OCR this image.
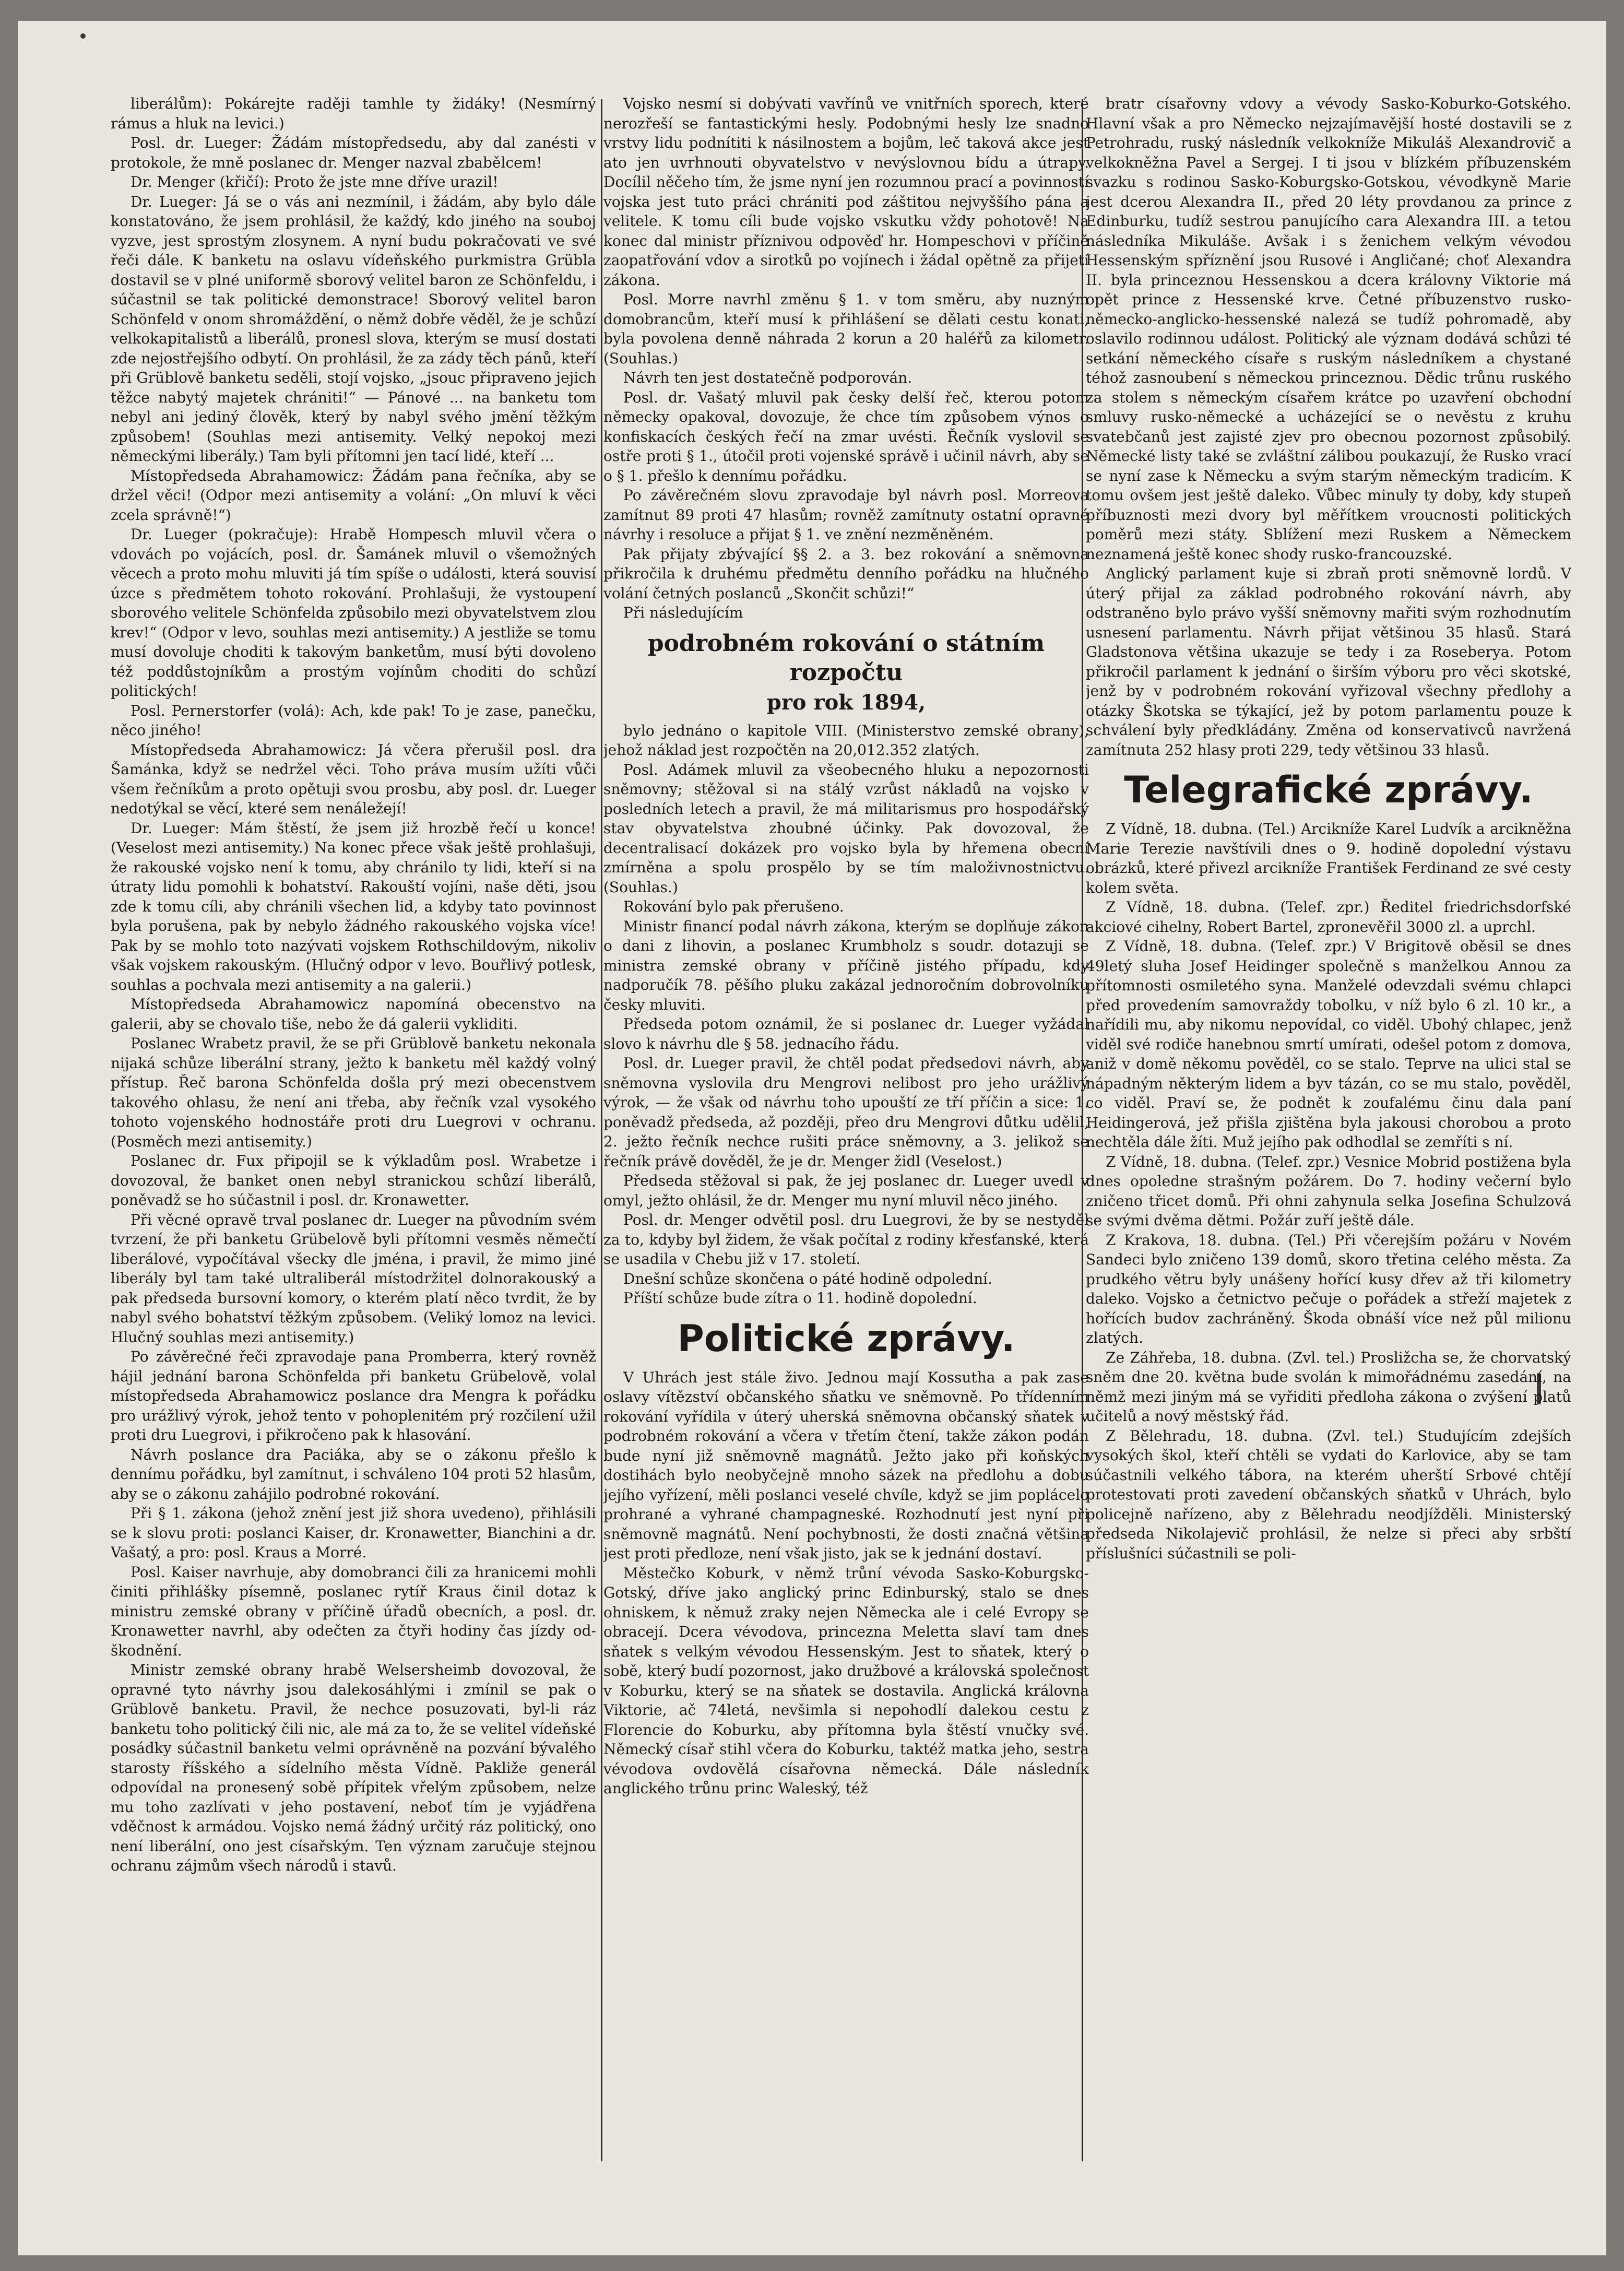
liberálům): Pokárejte raději tamhle ty židáky! (Nesmírný rámus a hluk na levici.)

Posl. dr. Lueger: Žádám místopředsedu, aby dal zanésti v protokole, že mně poslanec dr. Menger nazval zbabělcem!

Dr. Menger (křičí): Proto že jste mne dříve urazil!

Dr. Lueger: Já se o vás ani nezmínil, i žádám, aby bylo dále konstatováno, že jsem prohlásil, že každý, kdo jiného na souboj vyzve, jest sprostým zlosynem. A nyní budu pokračovati ve své řeči dále. K banketu na oslavu vídeňského purkmistra Grübla dostavil se v plné uniformě sborový velitel baron ze Schönfeldu, i súčastnil se tak politické demonstrace! Sborový velitel baron Schönfeld v onom shromáždění, o němž dobře věděl, že je schůzí velkokapitalistů a liberálů, pronesl slova, kterým se musí dostati zde nejostřejšího odbytí. On prohlásil, že za zády těch pánů, kteří při Grüblově banketu seděli, stojí vojsko, „jsouc připraveno jejich těžce nabytý majetek chrániti!“ — Pánové ... na banketu tom nebyl ani jediný člověk, který by nabyl svého jmění těžkým způsobem! (Souhlas mezi antisemity. Velký nepokoj mezi německými liberály.) Tam byli přítomni jen tací lidé, kteří ...

Místopředseda Abrahamowicz: Žádám pana řečníka, aby se držel věci! (Odpor mezi antisemity a volání: „On mluví k věci zcela správně!“)

Dr. Lueger (pokračuje): Hrabě Hompesch mluvil včera o vdovách po vojácích, posl. dr. Šamánek mluvil o všemožných věcech a proto mohu mluviti já tím spíše o události, která souvisí úzce s předmětem tohoto rokování. Prohlašuji, že vystoupení sborového velitele Schönfelda způsobilo mezi obyvatelstvem zlou krev!“ (Odpor v levo, souhlas mezi antisemity.) A jestliže se tomu musí dovoluje choditi k takovým banketům, musí býti dovoleno též poddůstojníkům a prostým vojínům choditi do schůzí politických!

Posl. Pernerstorfer (volá): Ach, kde pak! To je zase, panečku, něco jiného!

Místopředseda Abrahamowicz: Já včera přerušil posl. dra Šamánka, když se nedržel věci. Toho práva musím užíti vůči všem řečníkům a proto opětuji svou prosbu, aby posl. dr. Lueger nedotýkal se věcí, které sem nenáležejí!

Dr. Lueger: Mám štěstí, že jsem již hrozbě řečí u konce! (Veselost mezi antisemity.) Na konec přece však ještě prohlašuji, že rakouské vojsko není k tomu, aby chránilo ty lidi, kteří si na útraty lidu pomohli k bohatství. Rakouští vojíni, naše děti, jsou zde k tomu cíli, aby chránili všechen lid, a kdyby tato povinnost byla porušena, pak by nebylo žádného rakouského vojska více! Pak by se mohlo toto nazývati vojskem Rothschildovým, nikoliv však vojskem rakouským. (Hlučný odpor v levo. Bouřlivý potlesk, souhlas a pochvala mezi antisemity a na galerii.)

Místopředseda Abrahamowicz napomíná obecenstvo na galerii, aby se chovalo tiše, nebo že dá galerii vykliditi.

Poslanec Wrabetz pravil, že se při Grüblově banketu nekonala nijaká schůze liberální strany, ježto k banketu měl každý volný přístup. Řeč barona Schönfelda došla prý mezi obecenstvem takového ohlasu, že není ani třeba, aby řečník vzal vysokého tohoto vojenského hodnostáře proti dru Luegrovi v ochranu. (Posměch mezi antisemity.)

Poslanec dr. Fux připojil se k výkladům posl. Wrabetze i dovozoval, že banket onen nebyl stranickou schůzí liberálů, poněvadž se ho súčastnil i posl. dr. Kronawetter.

Při věcné opravě trval poslanec dr. Lueger na původním svém tvrzení, že při banketu Grübelově byli přítomni vesměs němečtí liberálové, vypočítával všecky dle jména, i pravil, že mimo jiné liberály byl tam také ultraliberál místodržitel dolnorakouský a pak předseda bursovní komory, o kterém platí něco tvrdit, že by nabyl svého bohatství těžkým způsobem. (Veliký lomoz na levici. Hlučný souhlas mezi antisemity.)

Po závěrečné řeči zpravodaje pana Promberra, který rovněž hájil jednání barona Schönfelda při banketu Grübelově, volal místopředseda Abrahamowicz poslance dra Mengra k pořádku pro urážlivý výrok, jehož tento v pohoplenitém prý rozčilení užil proti dru Luegrovi, i přikročeno pak k hlasování.

Návrh poslance dra Paciáka, aby se o zákonu přešlo k dennímu pořádku, byl zamítnut, i schváleno 104 proti 52 hlasům, aby se o zákonu zahájilo podrobné rokování.

Při § 1. zákona (jehož znění jest již shora uvedeno), přihlásili se k slovu proti: poslanci Kaiser, dr. Kronawetter, Bianchini a dr. Vašatý, a pro: posl. Kraus a Morré.

Posl. Kaiser navrhuje, aby domobranci čili za hranicemi mohli činiti přihlášky písemně, poslanec rytíř Kraus činil dotaz k ministru zemské obrany v příčině úřadů obecních, a posl. dr. Kronawetter navrhl, aby odečten za čtyři hodiny čas jízdy od-škodnění.

Ministr zemské obrany hrabě Welsersheimb dovozoval, že opravné tyto návrhy jsou dalekosáhlými i zmínil se pak o Grüblově banketu. Pravil, že nechce posuzovati, byl-li ráz banketu toho politický čili nic, ale má za to, že se velitel vídeňské posádky súčastnil banketu velmi oprávněně na pozvání bývalého starosty říšského a sídelního města Vídně. Pakliže generál odpovídal na pronesený sobě přípitek vřelým způsobem, nelze mu toho zazlívati v jeho postavení, neboť tím je vyjádřena vděčnost k armádou. Vojsko nemá žádný určitý ráz politický, ono není liberální, ono jest císařským. Ten význam zaručuje stejnou ochranu zájmům všech národů i stavů.

Vojsko nesmí si dobývati vavřínů ve vnitřních sporech, které nerozřeší se fantastickými hesly. Podobnými hesly lze snadno vrstvy lidu podnítiti k násilnostem a bojům, leč taková akce jest ato jen uvrhnouti obyvatelstvo v nevýslovnou bídu a útrapy. Docílil něčeho tím, že jsme nyní jen rozumnou prací a povinností vojska jest tuto práci chrániti pod záštitou nejvyššího pána a velitele. K tomu cíli bude vojsko vskutku vždy pohotově! Na konec dal ministr příznivou odpověď hr. Hompeschovi v příčině zaopatřování vdov a sirotků po vojínech i žádal opětně za přijetí zákona.

Posl. Morre navrhl změnu § 1. v tom směru, aby nuzným domobrancům, kteří musí k přihlášení se dělati cestu konati, byla povolena denně náhrada 2 korun a 20 haléřů za kilometr. (Souhlas.)

Návrh ten jest dostatečně podporován.

Posl. dr. Vašatý mluvil pak česky delší řeč, kterou potom německy opakoval, dovozuje, že chce tím způsobem výnos o konfiskacích českých řečí na zmar uvésti. Řečník vyslovil se ostře proti § 1., útočil proti vojenské správě i učinil návrh, aby se o § 1. přešlo k dennímu pořádku.

Po závěrečném slovu zpravodaje byl návrh posl. Morreova zamítnut 89 proti 47 hlasům; rovněž zamítnuty ostatní opravné návrhy i resoluce a přijat § 1. ve znění nezměněném.

Pak přijaty zbývající §§ 2. a 3. bez rokování a sněmovna přikročila k druhému předmětu denního pořádku na hlučného volání četných poslanců „Skončit schůzi!“

Při následujícím

podrobném rokování o státním rozpočtu
pro rok 1894,

bylo jednáno o kapitole VIII. (Ministerstvo zemské obrany), jehož náklad jest rozpočtěn na 20,012.352 zlatých.

Posl. Adámek mluvil za všeobecného hluku a nepozornosti sněmovny; stěžoval si na stálý vzrůst nákladů na vojsko v posledních letech a pravil, že má militarismus pro hospodářský stav obyvatelstva zhoubné účinky. Pak dovozoval, že decentralisací dokázek pro vojsko byla by hřemena obecní zmírněna a spolu prospělo by se tím maloživnostnictvu. (Souhlas.)

Rokování bylo pak přerušeno.

Ministr financí podal návrh zákona, kterým se doplňuje zákon o dani z lihovin, a poslanec Krumbholz s soudr. dotazuji se ministra zemské obrany v příčině jistého případu, kdy nadporučík 78. pěšího pluku zakázal jednoročním dobrovolníku česky mluviti.

Předseda potom oznámil, že si poslanec dr. Lueger vyžádal slovo k návrhu dle § 58. jednacího řádu.

Posl. dr. Lueger pravil, že chtěl podat předsedovi návrh, aby sněmovna vyslovila dru Mengrovi nelibost pro jeho urážlivý výrok, — že však od návrhu toho upouští ze tří příčin a sice: 1. poněvadž předseda, až později, přeo dru Mengrovi důtku udělil, 2. ježto řečník nechce rušiti práce sněmovny, a 3. jelikož se řečník právě dověděl, že je dr. Menger židl (Veselost.)

Předseda stěžoval si pak, že jej poslanec dr. Lueger uvedl v omyl, ježto ohlásil, že dr. Menger mu nyní mluvil něco jiného.

Posl. dr. Menger odvětil posl. dru Luegrovi, že by se nestyděl za to, kdyby byl židem, že však počítal z rodiny křesťanské, která se usadila v Chebu již v 17. století.

Dnešní schůze skončena o páté hodině odpolední.

Příští schůze bude zítra o 11. hodině dopolední.

Politické zprávy.

V Uhrách jest stále živo. Jednou mají Kossutha a pak zase oslavy vítězství občanského sňatku ve sněmovně. Po třídenním rokování vyřídila v úterý uherská sněmovna občanský sňatek v podrobném rokování a včera v třetím čtení, takže zákon podán bude nyní již sněmovně magnátů. Ježto jako při koňských dostihách bylo neobyčejně mnoho sázek na předlohu a dobu jejího vyřízení, měli poslanci veselé chvíle, když se jim poplácelo prohrané a vyhrané champagneské. Rozhodnutí jest nyní při sněmovně magnátů. Není pochybnosti, že dosti značná většina jest proti předloze, není však jisto, jak se k jednání dostaví.

Městečko Koburk, v němž trůní vévoda Sasko-Koburgsko-Gotský, dříve jako anglický princ Edinburský, stalo se dnes ohniskem, k němuž zraky nejen Německa ale i celé Evropy se obracejí. Dcera vévodova, princezna Meletta slaví tam dnes sňatek s velkým vévodou Hessenským. Jest to sňatek, který o sobě, který budí pozornost, jako družbové a královská společnost v Koburku, který se na sňatek se dostavila. Anglická královna Viktorie, ač 74letá, nevšimla si nepohodlí dalekou cestu z Florencie do Koburku, aby přítomna byla štěstí vnučky své. Německý císař stihl včera do Koburku, taktéž matka jeho, sestra vévodova ovdovělá císařovna německá. Dále následník anglického trůnu princ Waleský, též

bratr císařovny vdovy a vévody Sasko-Koburko-Gotského. Hlavní však a pro Německo nejzajímavější hosté dostavili se z Petrohradu, ruský následník velkokníže Mikuláš Alexandrovič a velkokněžna Pavel a Sergej. I ti jsou v blízkém příbuzenském svazku s rodinou Sasko-Koburgsko-Gotskou, vévodkyně Marie jest dcerou Alexandra II., před 20 léty provdanou za prince z Edinburku, tudíž sestrou panujícího cara Alexandra III. a tetou následníka Mikuláše. Avšak i s ženichem velkým vévodou Hessenským spříznění jsou Rusové i Angličané; choť Alexandra II. byla princeznou Hessenskou a dcera královny Viktorie má opět prince z Hessenské krve. Četné příbuzenstvo rusko-německo-anglicko-hessenské nalezá se tudíž pohromadě, aby oslavilo rodinnou událost. Politický ale význam dodává schůzi té setkání německého císaře s ruským následníkem a chystané téhož zasnoubení s německou princeznou. Dědic trůnu ruského za stolem s německým císařem krátce po uzavření obchodní smluvy rusko-německé a ucházející se o nevěstu z kruhu svatebčanů jest zajisté zjev pro obecnou pozornost způsobilý. Německé listy také se zvláštní zálibou poukazují, že Rusko vrací se nyní zase k Německu a svým starým německým tradicím. K tomu ovšem jest ještě daleko. Vůbec minuly ty doby, kdy stupeň příbuznosti mezi dvory byl měřítkem vroucnosti politických poměrů mezi státy. Sblížení mezi Ruskem a Německem neznamená ještě konec shody rusko-francouzské.

Anglický parlament kuje si zbraň proti sněmovně lordů. V úterý přijal za základ podrobného rokování návrh, aby odstraněno bylo právo vyšší sněmovny mařiti svým rozhodnutím usnesení parlamentu. Návrh přijat většinou 35 hlasů. Stará Gladstonova většina ukazuje se tedy i za Roseberyа. Potom přikročil parlament k jednání o širším výboru pro věci skotské, jenž by v podrobném rokování vyřizoval všechny předlohy a otázky Škotska se týkající, jež by potom parlamentu pouze k schválení byly předkládány. Změna od konservativců navržená zamítnuta 252 hlasy proti 229, tedy většinou 33 hlasů.

Telegrafické zprávy.

Z Vídně, 18. dubna. (Tel.) Arcikníže Karel Ludvík a arcikněžna Marie Terezie navštívili dnes o 9. hodině dopolední výstavu obrázků, které přivezl arcikníže František Ferdinand ze své cesty kolem světa.

Z Vídně, 18. dubna. (Telef. zpr.) Ředitel friedrichsdorfské akciové cihelny, Robert Bartel, zpronevěřil 3000 zl. a uprchl.

Z Vídně, 18. dubna. (Telef. zpr.) V Brigitově oběsil se dnes 49letý sluha Josef Heidinger společně s manželkou Annou za přítomnosti osmiletého syna. Manželé odevzdali svému chlapci před provedením samovraždy tobolku, v níž bylo 6 zl. 10 kr., a nařídili mu, aby nikomu nepovídal, co viděl. Ubohý chlapec, jenž viděl své rodiče hanebnou smrtí umírati, odešel potom z domova, aniž v domě někomu pověděl, co se stalo. Teprve na ulici stal se nápadným některým lidem a byv tázán, co se mu stalo, pověděl, co viděl. Praví se, že podnět k zoufalému činu dala paní Heidingerová, jež přišla zjištěna byla jakousi chorobou a proto nechtěla dále žíti. Muž jejího pak odhodlal se zemříti s ní.

Z Vídně, 18. dubna. (Telef. zpr.) Vesnice Mobrid postižena byla dnes opoledne strašným požárem. Do 7. hodiny večerní bylo zničeno třicet domů. Při ohni zahynula selka Josefina Schulzová se svými dvěma dětmi. Požár zuří ještě dále.

Z Krakova, 18. dubna. (Tel.) Při včerejším požáru v Novém Sandeci bylo zničeno 139 domů, skoro třetina celého města. Za prudkého větru byly unášeny hořící kusy dřev až tři kilometry daleko. Vojsko a četnictvo pečuje o pořádek a střeží majetek z hořících budov zachráněný. Škoda obnáší více než půl milionu zlatých.

Ze Záhřeba, 18. dubna. (Zvl. tel.) Prosližcha se, že chorvatský sněm dne 20. května bude svolán k mimořádnému zasedání, na němž mezi jiným má se vyřiditi předloha zákona o zvýšení platů učitelů a nový městský řád.

Z Bělehradu, 18. dubna. (Zvl. tel.) Studujícím zdejších vysokých škol, kteří chtěli se vydati do Karlovice, aby se tam súčastnili velkého tábora, na kterém uherští Srbové chtějí protestovati proti zavedení občanských sňatků v Uhrách, bylo policejně nařízeno, aby z Bělehradu neodjížděli. Ministerský předseda Nikolajevič prohlásil, že nelze si přeci aby srbští příslušníci súčastnili se poli-
